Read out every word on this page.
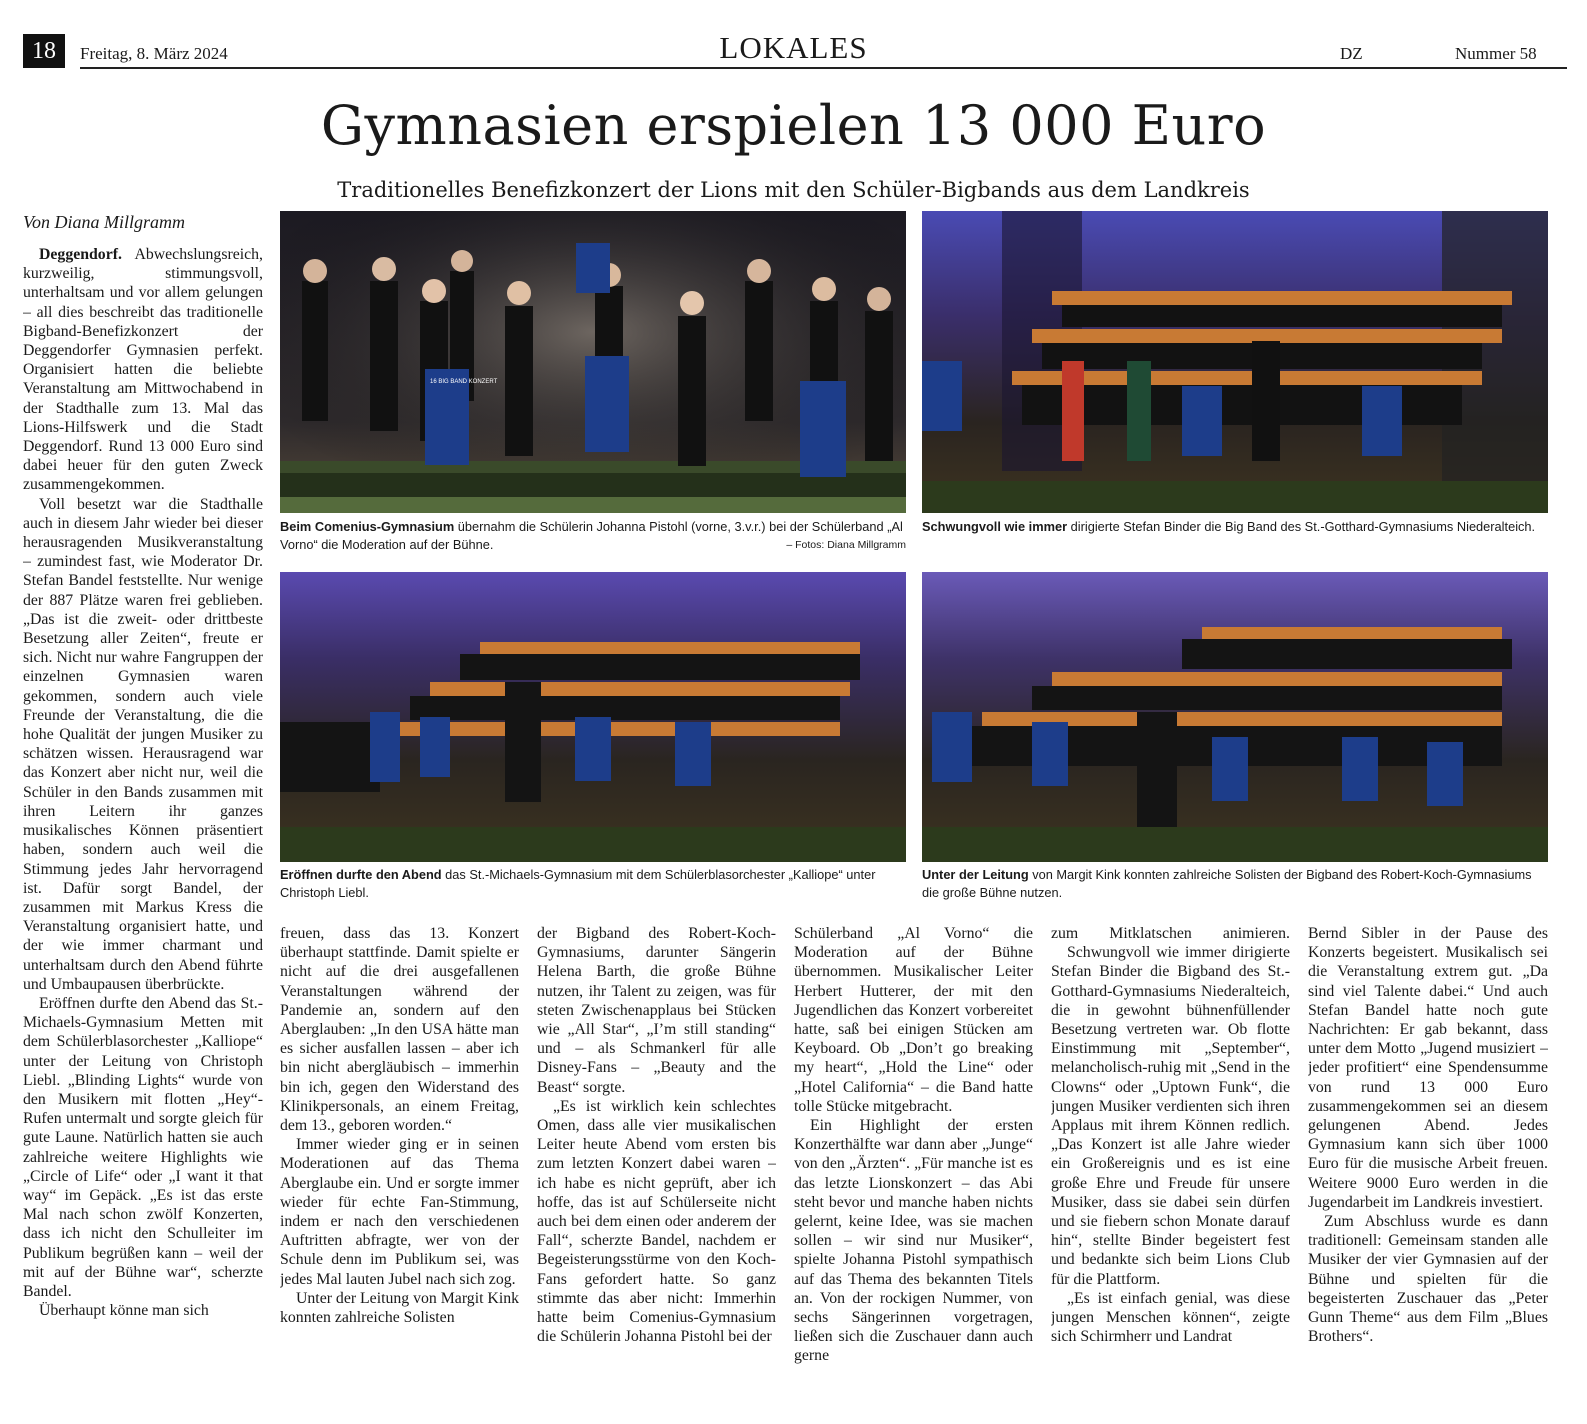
18	Freitag, 8. März 2024	LOKALES	DZ	Nummer 58
Gymnasien erspielen 13 000 Euro
Traditionelles Benefizkonzert der Lions mit den Schüler-Bigbands aus dem Landkreis
Von Diana Millgramm
16 BIG BAND KONZERT
Beim Comenius-Gymnasium übernahm die Schülerin Johanna Pistohl (vorne, 3.v.r.) bei der Schülerband „Al Vorno“ die Moderation auf der Bühne.	– Fotos: Diana Millgramm
Schwungvoll wie immer dirigierte Stefan Binder die Big Band des St.-Gotthard-Gymnasiums Niederalteich.
Eröffnen durfte den Abend das St.-Michaels-Gymnasium mit dem Schülerblasorchester „Kalliope“ unter Christoph Liebl.
Unter der Leitung von Margit Kink konnten zahlreiche Solisten der Bigband des Robert-Koch-Gymnasiums die große Bühne nutzen.

Deggendorf. Abwechslungsreich, kurzweilig, stimmungsvoll, unterhaltsam und vor allem gelungen – all dies beschreibt das traditionelle Bigband-Benefizkonzert der Deggendorfer Gymnasien perfekt. Organisiert hatten die beliebte Veranstaltung am Mittwochabend in der Stadthalle zum 13. Mal das Lions-Hilfswerk und die Stadt Deggendorf. Rund 13 000 Euro sind dabei heuer für den guten Zweck zusammengekommen.

Voll besetzt war die Stadthalle auch in diesem Jahr wieder bei dieser herausragenden Musikveranstaltung – zumindest fast, wie Moderator Dr. Stefan Bandel feststellte. Nur wenige der 887 Plätze waren frei geblieben. „Das ist die zweit- oder drittbeste Besetzung aller Zeiten“, freute er sich. Nicht nur wahre Fangruppen der einzelnen Gymnasien waren gekommen, sondern auch viele Freunde der Veranstaltung, die die hohe Qualität der jungen Musiker zu schätzen wissen. Herausragend war das Konzert aber nicht nur, weil die Schüler in den Bands zusammen mit ihren Leitern ihr ganzes musikalisches Können präsentiert haben, sondern auch weil die Stimmung jedes Jahr hervorragend ist. Dafür sorgt Bandel, der zusammen mit Markus Kress die Veranstaltung organisiert hatte, und der wie immer charmant und unterhaltsam durch den Abend führte und Umbaupausen überbrückte.

Eröffnen durfte den Abend das St.-Michaels-Gymnasium Metten mit dem Schülerblasorchester „Kalliope“ unter der Leitung von Christoph Liebl. „Blinding Lights“ wurde von den Musikern mit flotten „Hey“-Rufen untermalt und sorgte gleich für gute Laune. Natürlich hatten sie auch zahlreiche weitere Highlights wie „Circle of Life“ oder „I want it that way“ im Gepäck. „Es ist das erste Mal nach schon zwölf Konzerten, dass ich nicht den Schulleiter im Publikum begrüßen kann – weil der mit auf der Bühne war“, scherzte Bandel.

Überhaupt könne man sich

freuen, dass das 13. Konzert überhaupt stattfinde. Damit spielte er nicht auf die drei ausgefallenen Veranstaltungen während der Pandemie an, sondern auf den Aberglauben: „In den USA hätte man es sicher ausfallen lassen – aber ich bin nicht abergläubisch – immerhin bin ich, gegen den Widerstand des Klinikpersonals, an einem Freitag, dem 13., geboren worden.“

Immer wieder ging er in seinen Moderationen auf das Thema Aberglaube ein. Und er sorgte immer wieder für echte Fan-Stimmung, indem er nach den verschiedenen Auftritten abfragte, wer von der Schule denn im Publikum sei, was jedes Mal lauten Jubel nach sich zog.

Unter der Leitung von Margit Kink konnten zahlreiche Solisten

der Bigband des Robert-Koch-Gymnasiums, darunter Sängerin Helena Barth, die große Bühne nutzen, ihr Talent zu zeigen, was für steten Zwischenapplaus bei Stücken wie „All Star“, „I’m still standing“ und – als Schmankerl für alle Disney-Fans – „Beauty and the Beast“ sorgte.

„Es ist wirklich kein schlechtes Omen, dass alle vier musikalischen Leiter heute Abend vom ersten bis zum letzten Konzert dabei waren – ich habe es nicht geprüft, aber ich hoffe, das ist auf Schülerseite nicht auch bei dem einen oder anderem der Fall“, scherzte Bandel, nachdem er Begeisterungsstürme von den Koch-Fans gefordert hatte. So ganz stimmte das aber nicht: Immerhin hatte beim Comenius-Gymnasium die Schülerin Johanna Pistohl bei der

Schülerband „Al Vorno“ die Moderation auf der Bühne übernommen. Musikalischer Leiter Herbert Hutterer, der mit den Jugendlichen das Konzert vorbereitet hatte, saß bei einigen Stücken am Keyboard. Ob „Don’t go breaking my heart“, „Hold the Line“ oder „Hotel California“ – die Band hatte tolle Stücke mitgebracht.

Ein Highlight der ersten Konzerthälfte war dann aber „Junge“ von den „Ärzten“. „Für manche ist es das letzte Lionskonzert – das Abi steht bevor und manche haben nichts gelernt, keine Idee, was sie machen sollen – wir sind nur Musiker“, spielte Johanna Pistohl sympathisch auf das Thema des bekannten Titels an. Von der rockigen Nummer, von sechs Sängerinnen vorgetragen, ließen sich die Zuschauer dann auch gerne

zum Mitklatschen animieren.

Schwungvoll wie immer dirigierte Stefan Binder die Bigband des St.-Gotthard-Gymnasiums Niederalteich, die in gewohnt bühnenfüllender Besetzung vertreten war. Ob flotte Einstimmung mit „September“, melancholisch-ruhig mit „Send in the Clowns“ oder „Uptown Funk“, die jungen Musiker verdienten sich ihren Applaus mit ihrem Können redlich. „Das Konzert ist alle Jahre wieder ein Großereignis und es ist eine große Ehre und Freude für unsere Musiker, dass sie dabei sein dürfen und sie fiebern schon Monate darauf hin“, stellte Binder begeistert fest und bedankte sich beim Lions Club für die Plattform.

„Es ist einfach genial, was diese jungen Menschen können“, zeigte sich Schirmherr und Landrat

Bernd Sibler in der Pause des Konzerts begeistert. Musikalisch sei die Veranstaltung extrem gut. „Da sind viel Talente dabei.“ Und auch Stefan Bandel hatte noch gute Nachrichten: Er gab bekannt, dass unter dem Motto „Jugend musiziert – jeder profitiert“ eine Spendensumme von rund 13 000 Euro zusammengekommen sei an diesem gelungenen Abend. Jedes Gymnasium kann sich über 1000 Euro für die musische Arbeit freuen. Weitere 9000 Euro werden in die Jugendarbeit im Landkreis investiert.

Zum Abschluss wurde es dann traditionell: Gemeinsam standen alle Musiker der vier Gymnasien auf der Bühne und spielten für die begeisterten Zuschauer das „Peter Gunn Theme“ aus dem Film „Blues Brothers“.
